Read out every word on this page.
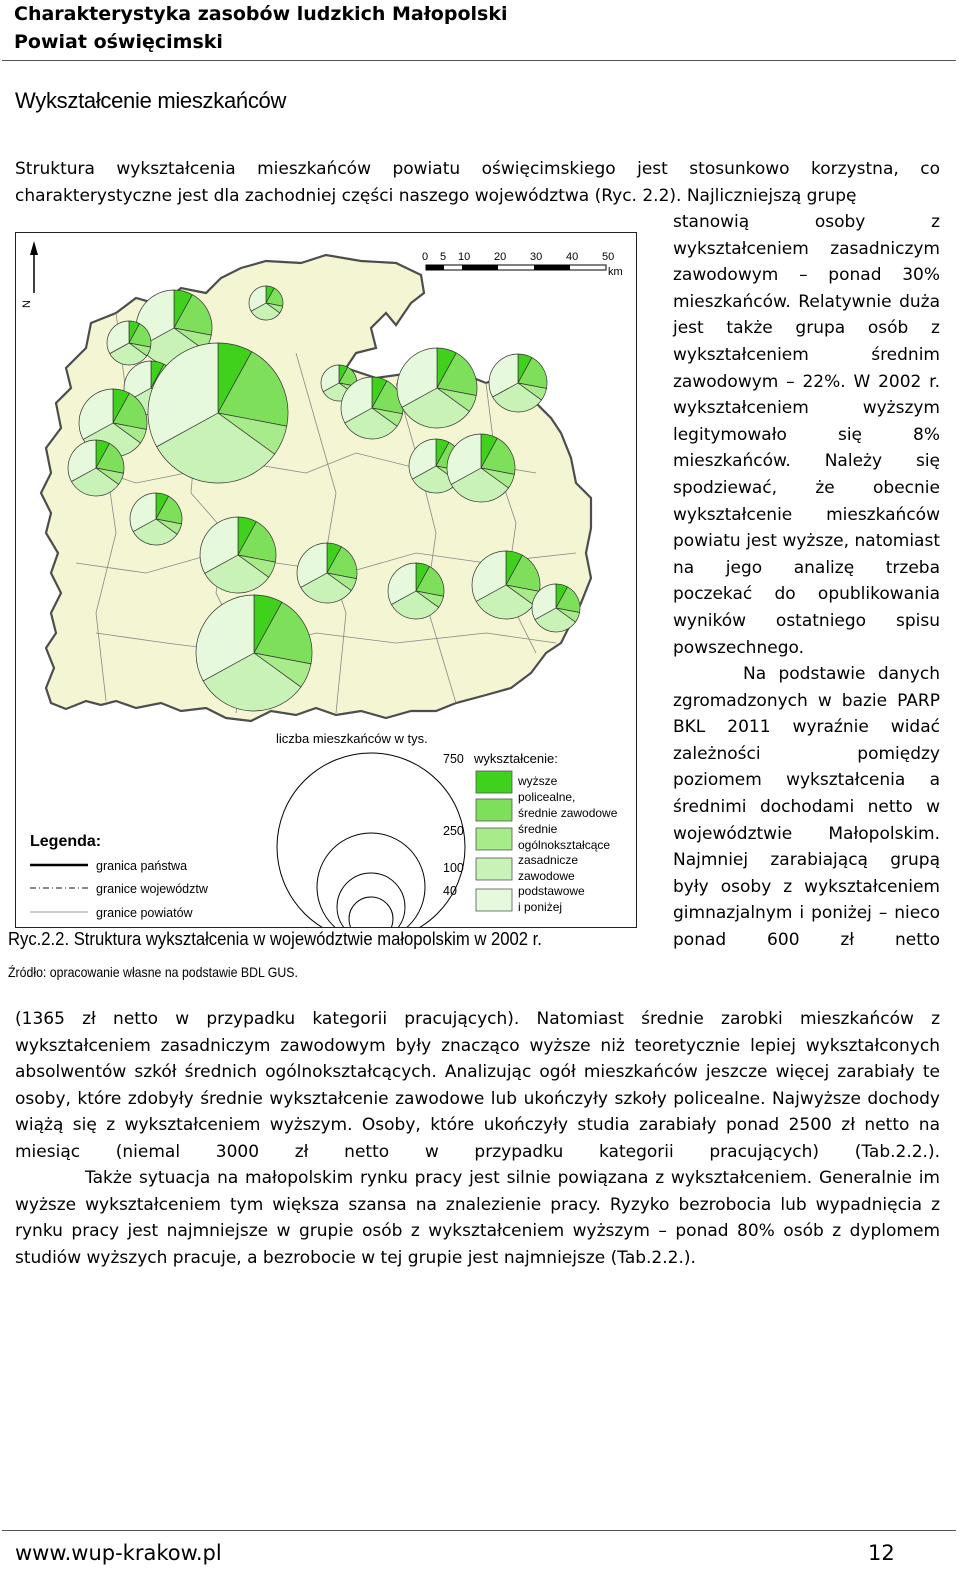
Charakterystyka zasobów ludzkich Małopolski
Powiat oświęcimski
Wykształcenie mieszkańców
Struktura wykształcenia mieszkańców powiatu oświęcimskiego jest stosunkowo korzystna, co charakterystyczne jest dla zachodniej części naszego województwa (Ryc. 2.2). Najliczniejszą grupę
stanowią osoby z wykształceniem zasadniczym zawodowym – ponad 30% mieszkańców. Relatywnie duża jest także grupa osób z wykształceniem średnim zawodowym – 22%. W 2002 r. wykształceniem wyższym legitymowało się 8% mieszkańców. Należy się spodziewać, że obecnie wykształcenie mieszkańców powiatu jest wyższe, natomiast na jego analizę trzeba poczekać do opublikowania wyników ostatniego spisu powszechnego.
Na podstawie danych zgromadzonych w bazie PARP BKL 2011 wyraźnie widać zależności pomiędzy poziomem wykształcenia a średnimi dochodami netto w województwie Małopolskim. Najmniej zarabiającą grupą były osoby z wykształceniem gimnazjalnym i poniżej – nieco ponad 600 zł netto
N
0 5 10 20 30 40 50
km
Legenda:
granica państwa
granice województw
granice powiatów
liczba mieszkańców w tys.
750
250
100
40
wykształcenie:
wyższe
policealne, średnie zawodowe
średnie ogólnokształcące
zasadnicze zawodowe
podstawowe i poniżej
Ryc.2.2. Struktura wykształcenia w województwie małopolskim w 2002 r.
Źródło: opracowanie własne na podstawie BDL GUS.
(1365 zł netto w przypadku kategorii pracujących). Natomiast średnie zarobki mieszkańców z wykształceniem zasadniczym zawodowym były znacząco wyższe niż teoretycznie lepiej wykształconych absolwentów szkół średnich ogólnokształcących. Analizując ogół mieszkańców jeszcze więcej zarabiały te osoby, które zdobyły średnie wykształcenie zawodowe lub ukończyły szkoły policealne. Najwyższe dochody wiążą się z wykształceniem wyższym. Osoby, które ukończyły studia zarabiały ponad 2500 zł netto na miesiąc (niemal 3000 zł netto w przypadku kategorii pracujących) (Tab.2.2.).
Także sytuacja na małopolskim rynku pracy jest silnie powiązana z wykształceniem. Generalnie im wyższe wykształceniem tym większa szansa na znalezienie pracy. Ryzyko bezrobocia lub wypadnięcia z rynku pracy jest najmniejsze w grupie osób z wykształceniem wyższym – ponad 80% osób z dyplomem studiów wyższych pracuje, a bezrobocie w tej grupie jest najmniejsze (Tab.2.2.).
www.wup-krakow.pl	12
